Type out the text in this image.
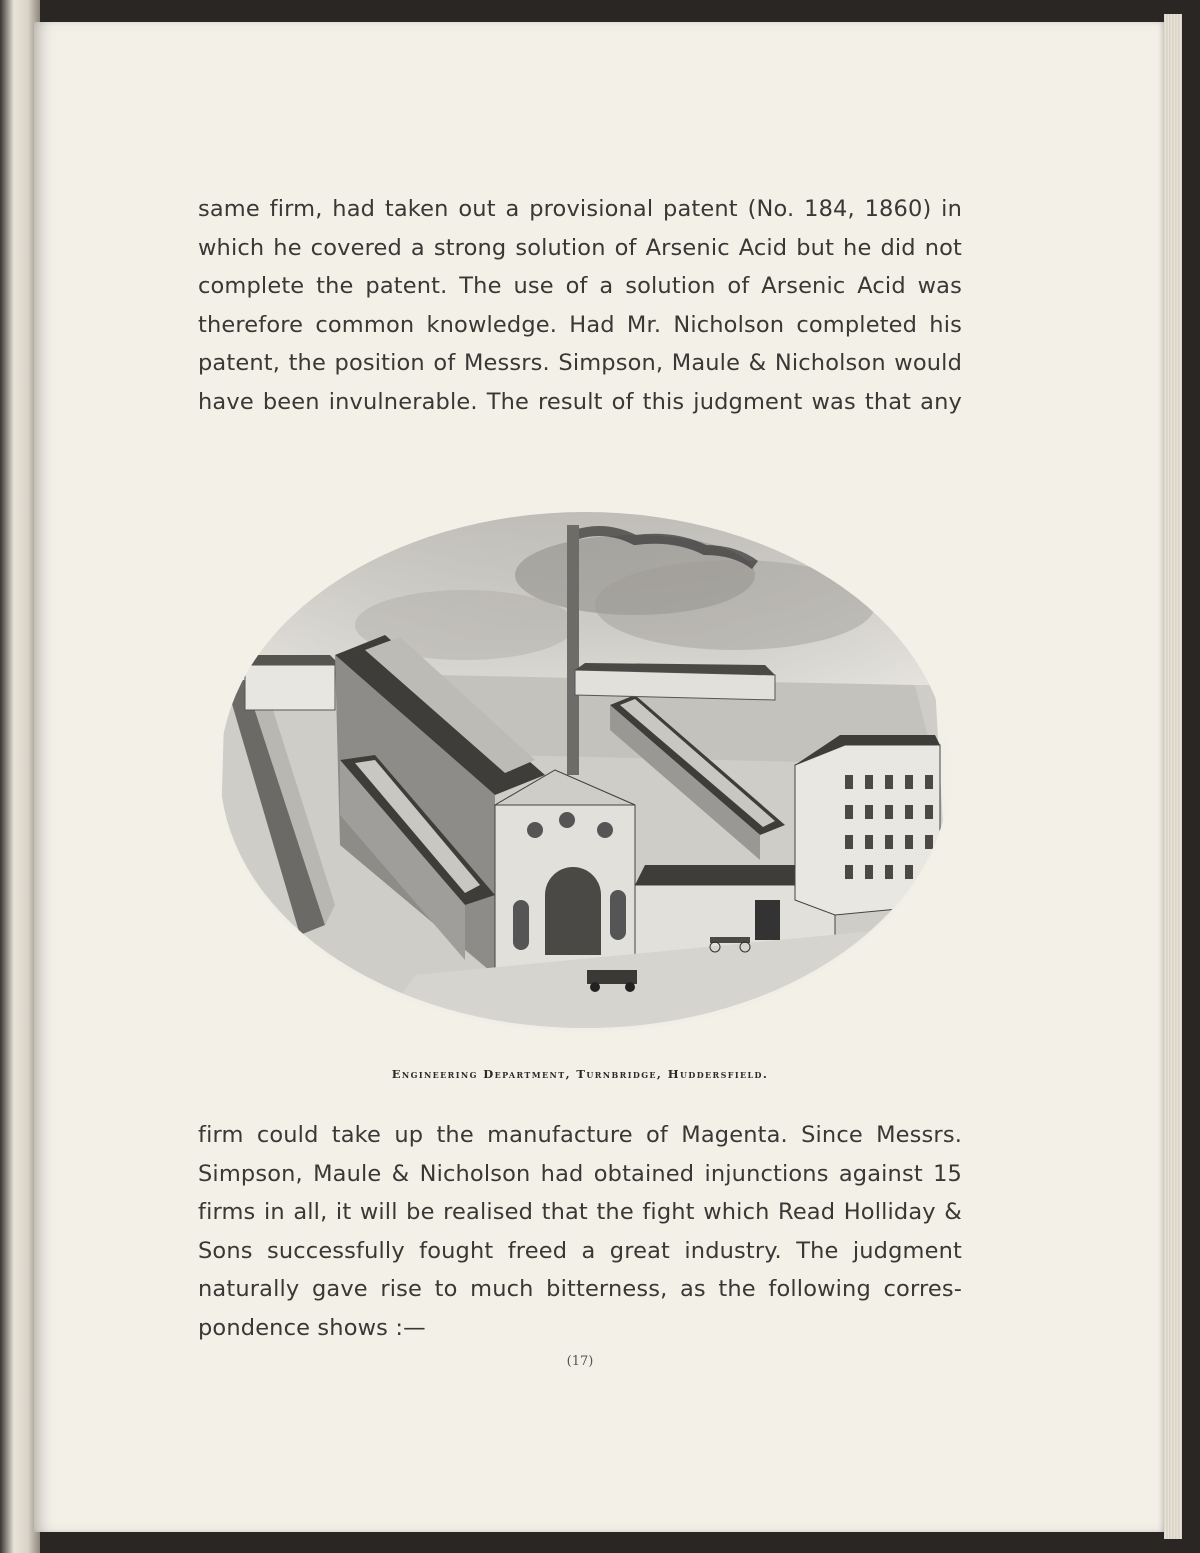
same firm, had taken out a provisional patent (No. 184, 1860) in
which he covered a strong solution of Arsenic Acid but he did not
complete the patent. The use of a solution of Arsenic Acid was
therefore common knowledge. Had Mr. Nicholson completed his
patent, the position of Messrs. Simpson, Maule & Nicholson would
have been invulnerable. The result of this judgment was that any
Engineering Department, Turnbridge, Huddersfield.
firm could take up the manufacture of Magenta. Since Messrs.
Simpson, Maule & Nicholson had obtained injunctions against 15
firms in all, it will be realised that the fight which Read Holliday &
Sons successfully fought freed a great industry. The judgment
naturally gave rise to much bitterness, as the following corres-
pondence shows :—
(17)
